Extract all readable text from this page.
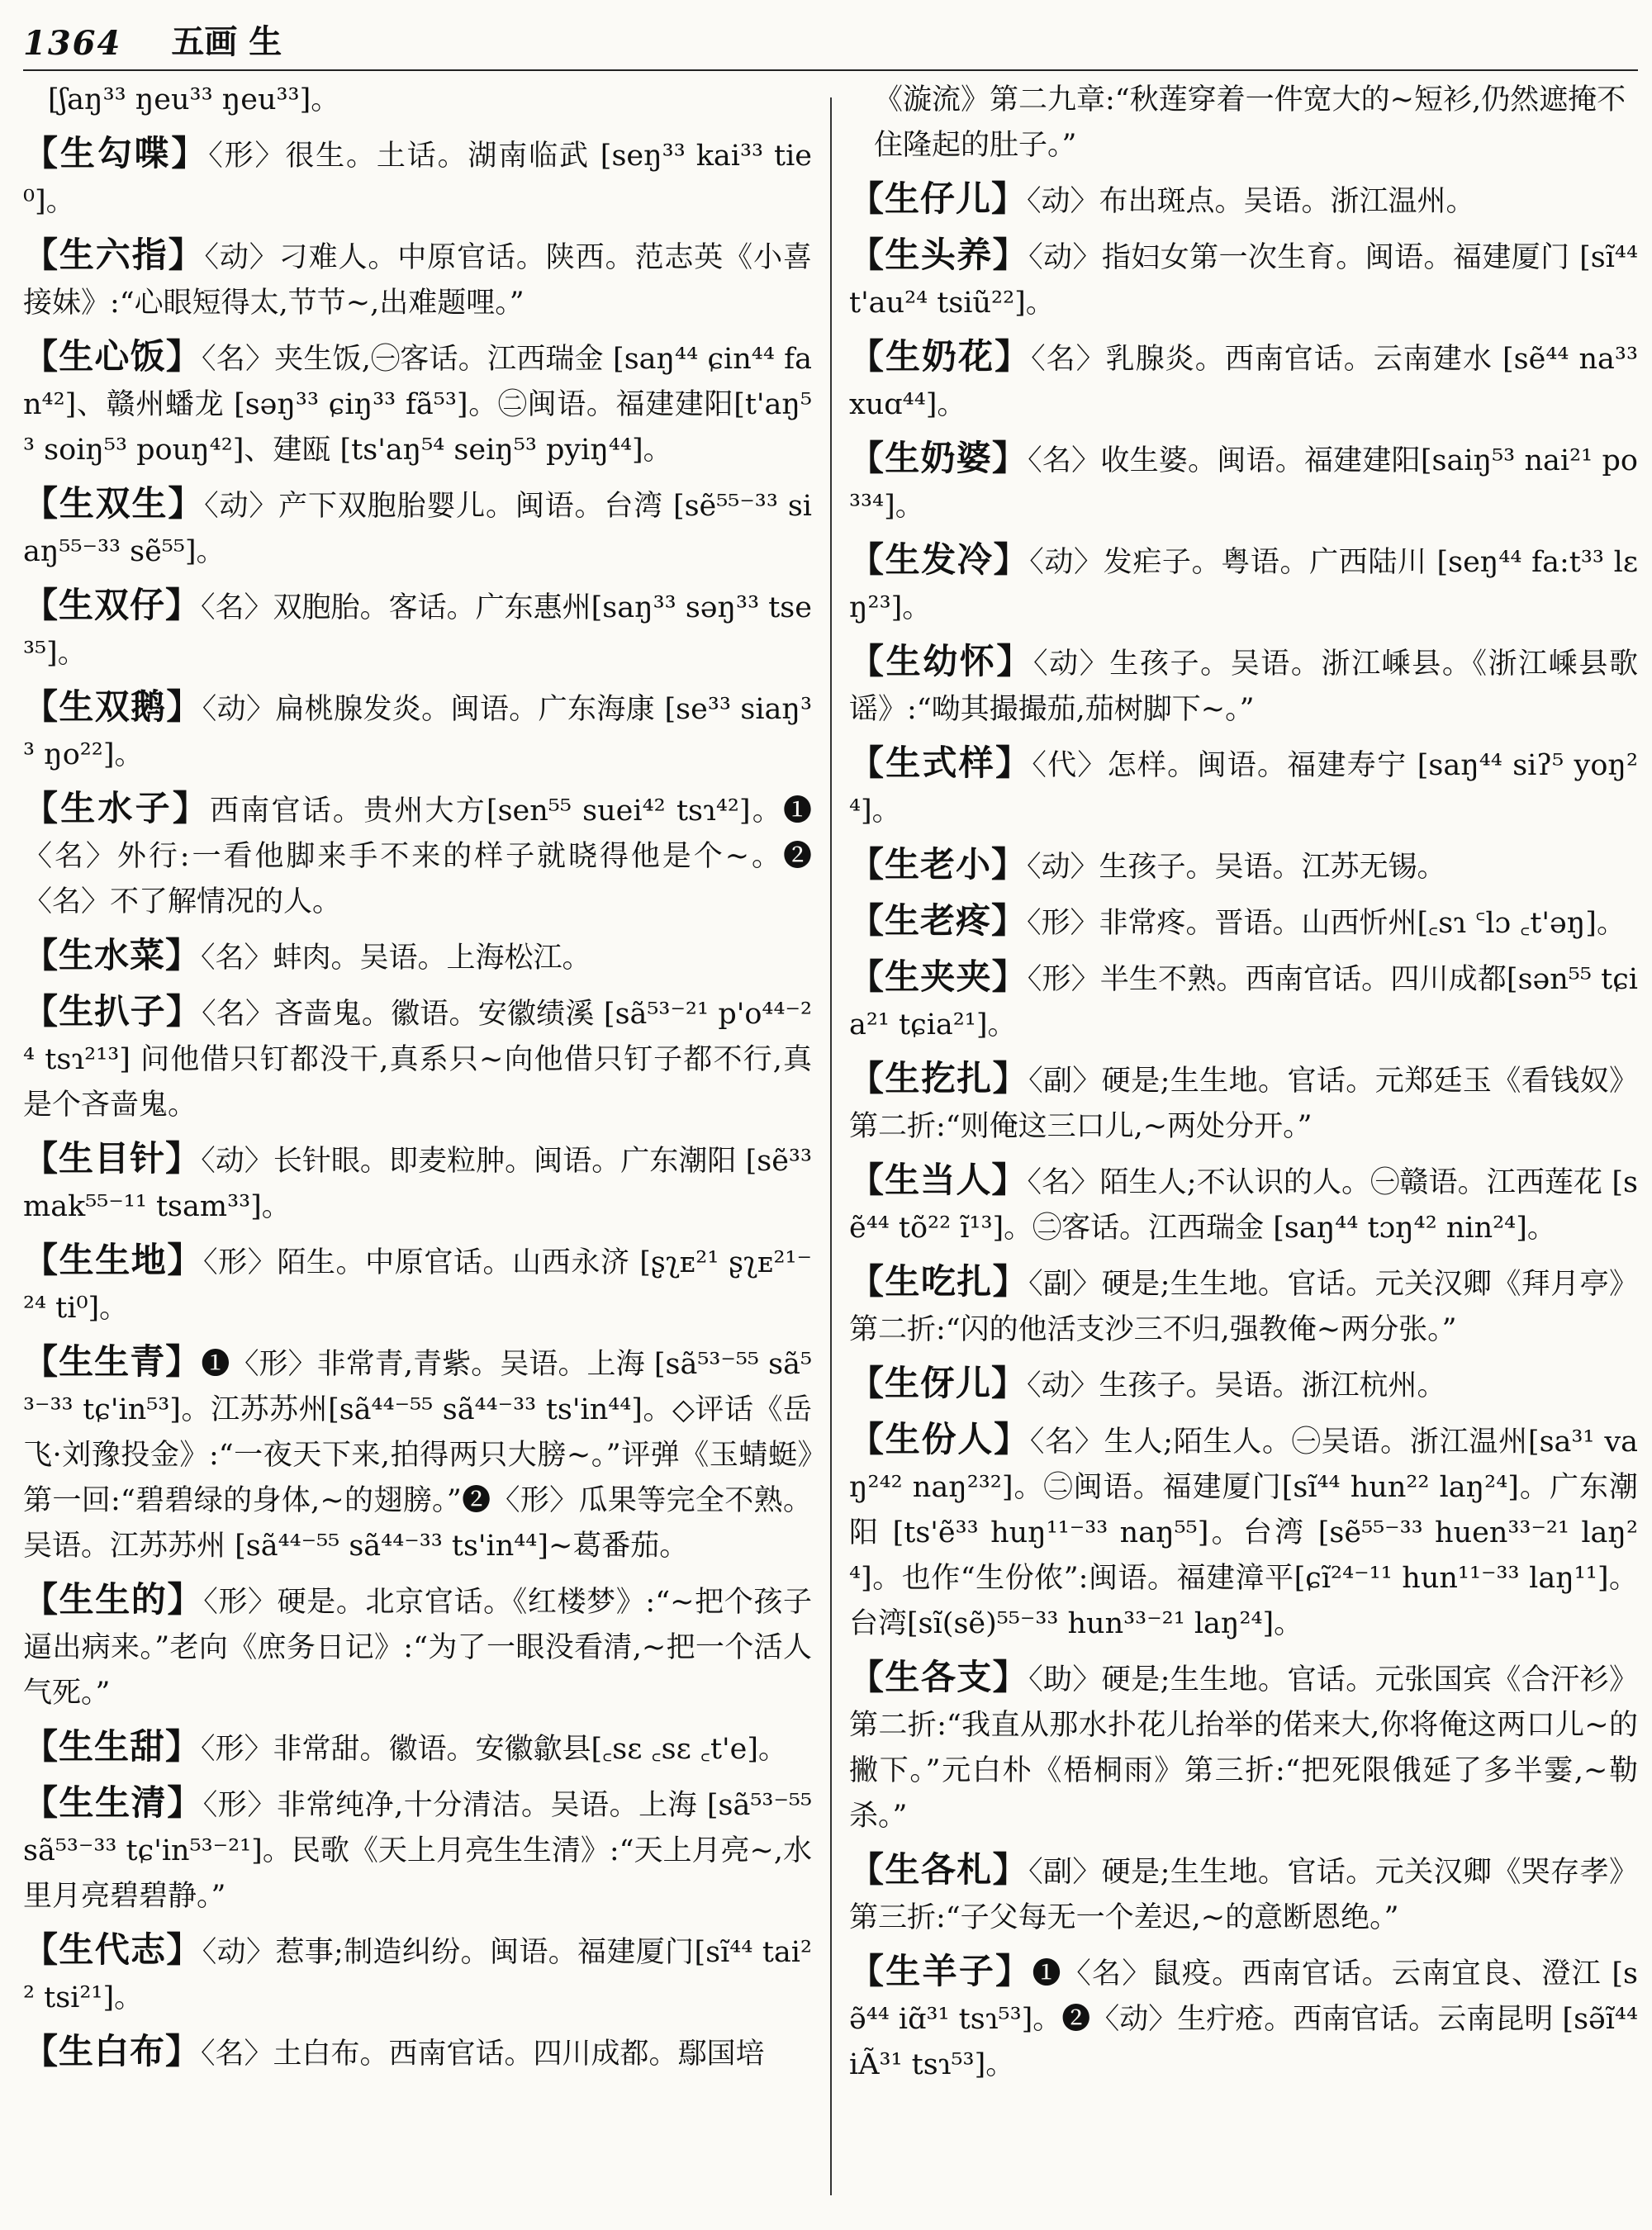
1364 五画 生
[ʃaŋ³³ ŋeu³³ ŋeu³³]。
【生勾喋】〈形〉很生。土话。湖南临武 [seŋ³³ kai³³ tie⁰]。
【生六指】〈动〉刁难人。中原官话。陕西。范志英《小喜接妹》:“心眼短得太,节节~,出难题哩。”
【生心饭】〈名〉夹生饭,㊀客话。江西瑞金 [saŋ⁴⁴ ɕin⁴⁴ fan⁴²]、赣州蟠龙 [səŋ³³ ɕiŋ³³ fã⁵³]。㊁闽语。福建建阳[t'aŋ⁵³ soiŋ⁵³ pouŋ⁴²]、建瓯 [ts'aŋ⁵⁴ seiŋ⁵³ pyiŋ⁴⁴]。
【生双生】〈动〉产下双胞胎婴儿。闽语。台湾 [sẽ⁵⁵⁻³³ siaŋ⁵⁵⁻³³ sẽ⁵⁵]。
【生双仔】〈名〉双胞胎。客话。广东惠州[saŋ³³ səŋ³³ tse³⁵]。
【生双鹅】〈动〉扁桃腺发炎。闽语。广东海康 [se³³ siaŋ³³ ŋo²²]。
【生水子】西南官话。贵州大方[sen⁵⁵ suei⁴² tsɿ⁴²]。❶〈名〉外行:一看他脚来手不来的样子就晓得他是个~。❷〈名〉不了解情况的人。
【生水菜】〈名〉蚌肉。吴语。上海松江。
【生扒子】〈名〉吝啬鬼。徽语。安徽绩溪 [sã⁵³⁻²¹ p'o⁴⁴⁻²⁴ tsɿ²¹³] 问他借只钉都没干,真系只~向他借只钉子都不行,真是个吝啬鬼。
【生目针】〈动〉长针眼。即麦粒肿。闽语。广东潮阳 [sẽ³³ mak⁵⁵⁻¹¹ tsam³³]。
【生生地】〈形〉陌生。中原官话。山西永济 [ʂʅᴇ²¹ ʂʅᴇ²¹⁻²⁴ ti⁰]。
【生生青】❶〈形〉非常青,青紫。吴语。上海 [sã⁵³⁻⁵⁵ sã⁵³⁻³³ tɕ'in⁵³]。江苏苏州[sã⁴⁴⁻⁵⁵ sã⁴⁴⁻³³ ts'in⁴⁴]。◇评话《岳飞·刘豫投金》:“一夜天下来,拍得两只大膀~。”评弹《玉蜻蜓》第一回:“碧碧绿的身体,~的翅膀。”❷〈形〉瓜果等完全不熟。吴语。江苏苏州 [sã⁴⁴⁻⁵⁵ sã⁴⁴⁻³³ ts'in⁴⁴]~葛番茄。
【生生的】〈形〉硬是。北京官话。《红楼梦》:“~把个孩子逼出病来。”老向《庶务日记》:“为了一眼没看清,~把一个活人气死。”
【生生甜】〈形〉非常甜。徽语。安徽歙县[꜀sɛ ꜀sɛ ꜀t'e]。
【生生清】〈形〉非常纯净,十分清洁。吴语。上海 [sã⁵³⁻⁵⁵ sã⁵³⁻³³ tɕ'in⁵³⁻²¹]。民歌《天上月亮生生清》:“天上月亮~,水里月亮碧碧静。”
【生代志】〈动〉惹事;制造纠纷。闽语。福建厦门[sĩ⁴⁴ tai²² tsi²¹]。
【生白布】〈名〉土白布。西南官话。四川成都。鄢国培
《漩流》第二九章:“秋莲穿着一件宽大的~短衫,仍然遮掩不住隆起的肚子。”
【生仔儿】〈动〉布出斑点。吴语。浙江温州。
【生头养】〈动〉指妇女第一次生育。闽语。福建厦门 [sĩ⁴⁴ t'au²⁴ tsiũ²²]。
【生奶花】〈名〉乳腺炎。西南官话。云南建水 [sẽ⁴⁴ na³³ xuɑ⁴⁴]。
【生奶婆】〈名〉收生婆。闽语。福建建阳[saiŋ⁵³ nai²¹ po³³⁴]。
【生发冷】〈动〉发疟子。粤语。广西陆川 [seŋ⁴⁴ fa:t³³ lɛŋ²³]。
【生幼怀】〈动〉生孩子。吴语。浙江嵊县。《浙江嵊县歌谣》:“呦其撮撮茄,茄树脚下~。”
【生式样】〈代〉怎样。闽语。福建寿宁 [saŋ⁴⁴ siʔ⁵ yoŋ²⁴]。
【生老小】〈动〉生孩子。吴语。江苏无锡。
【生老疼】〈形〉非常疼。晋语。山西忻州[꜀sɿ ꜂lɔ ꜀t'əŋ]。
【生夹夹】〈形〉半生不熟。西南官话。四川成都[sən⁵⁵ tɕia²¹ tɕia²¹]。
【生扢扎】〈副〉硬是;生生地。官话。元郑廷玉《看钱奴》第二折:“则俺这三口儿,~两处分开。”
【生当人】〈名〉陌生人;不认识的人。㊀赣语。江西莲花 [sẽ⁴⁴ tõ²² ĩ¹³]。㊁客话。江西瑞金 [saŋ⁴⁴ tɔŋ⁴² nin²⁴]。
【生吃扎】〈副〉硬是;生生地。官话。元关汉卿《拜月亭》第二折:“闪的他活支沙三不归,强教俺~两分张。”
【生伢儿】〈动〉生孩子。吴语。浙江杭州。
【生份人】〈名〉生人;陌生人。㊀吴语。浙江温州[sa³¹ vaŋ²⁴² naŋ²³²]。㊁闽语。福建厦门[sĩ⁴⁴ hun²² laŋ²⁴]。广东潮阳 [ts'ẽ³³ huŋ¹¹⁻³³ naŋ⁵⁵]。台湾 [sẽ⁵⁵⁻³³ huen³³⁻²¹ laŋ²⁴]。也作“生份侬”:闽语。福建漳平[ɕĩ²⁴⁻¹¹ hun¹¹⁻³³ laŋ¹¹]。台湾[sĩ(sẽ)⁵⁵⁻³³ hun³³⁻²¹ laŋ²⁴]。
【生各支】〈助〉硬是;生生地。官话。元张国宾《合汗衫》第二折:“我直从那水扑花儿抬举的偌来大,你将俺这两口儿~的撇下。”元白朴《梧桐雨》第三折:“把死限俄延了多半霎,~勒杀。”
【生各札】〈副〉硬是;生生地。官话。元关汉卿《哭存孝》第三折:“子父每无一个差迟,~的意断恩绝。”
【生羊子】❶〈名〉鼠疫。西南官话。云南宜良、澄江 [sə̃⁴⁴ iɑ̃³¹ tsɿ⁵³]。❷〈动〉生疔疮。西南官话。云南昆明 [sə̃ĩ⁴⁴ iÃ³¹ tsɿ⁵³]。
